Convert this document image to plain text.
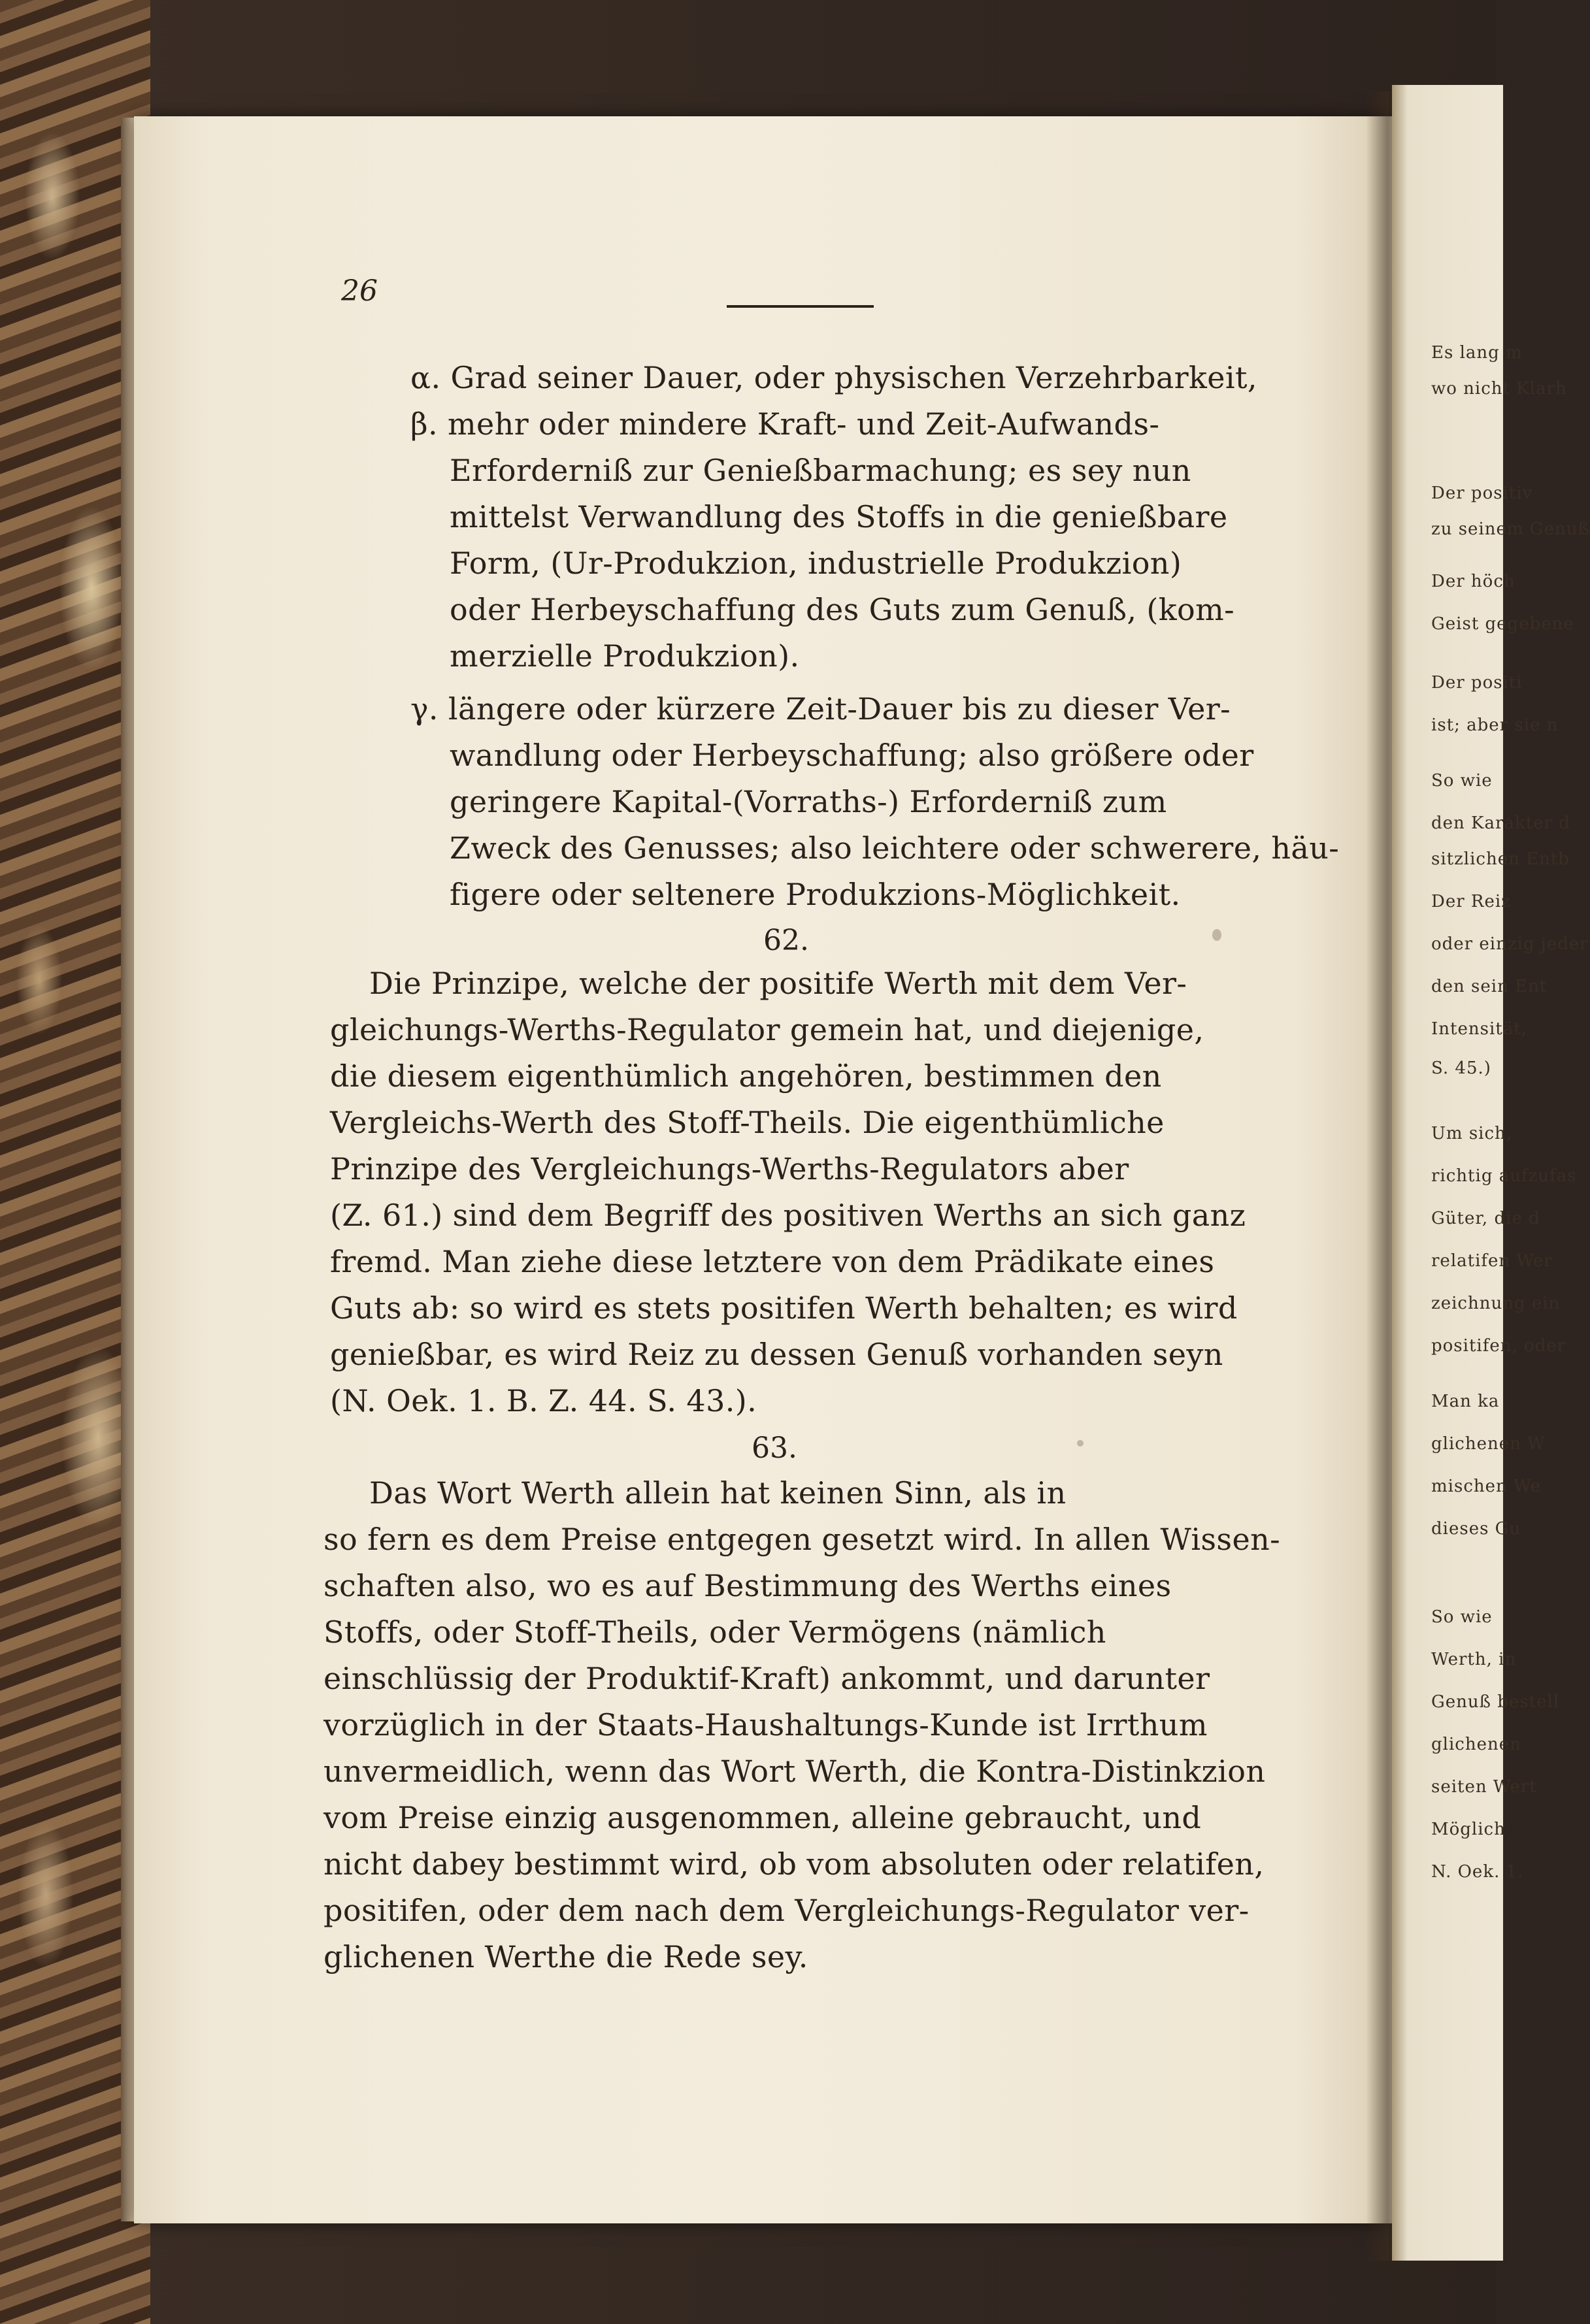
Es lang m
wo nicht Klarh
Der positiv
zu seinem Genuß
Der höch
Geist gegebene
Der positi
ist; aber sie n
So wie
den Karakter d
sitzlichen Entb
Der Reiz
oder einzig jeder
den sein Ent
Intensität,
S. 45.)
Um sich,
richtig aufzufas
Güter, die d
relatifen Wer
zeichnung ein
positifen, oder
Man ka
glichenen W
mischen We
dieses Gu
So wie
Werth, in
Genuß bestell
glichenen
seiten Wert
Möglich
N. Oek. 1.
26
α. Grad seiner Dauer, oder physischen Verzehrbarkeit,
β. mehr oder mindere Kraft- und Zeit-Aufwands-
Erforderniß zur Genießbarmachung; es sey nun
mittelst Verwandlung des Stoffs in die genießbare
Form, (Ur-Produkzion, industrielle Produkzion)
oder Herbeyschaffung des Guts zum Genuß, (kom-
merzielle Produkzion).
γ. längere oder kürzere Zeit-Dauer bis zu dieser Ver-
wandlung oder Herbeyschaffung; also größere oder
geringere Kapital-(Vorraths-) Erforderniß zum
Zweck des Genusses; also leichtere oder schwerere, häu-
figere oder seltenere Produkzions-Möglichkeit.
62.
Die Prinzipe, welche der positife Werth mit dem Ver-
gleichungs-Werths-Regulator gemein hat, und diejenige,
die diesem eigenthümlich angehören, bestimmen den
Vergleichs-Werth des Stoff-Theils. Die eigenthümliche
Prinzipe des Vergleichungs-Werths-Regulators aber
(Z. 61.) sind dem Begriff des positiven Werths an sich ganz
fremd. Man ziehe diese letztere von dem Prädikate eines
Guts ab: so wird es stets positifen Werth behalten; es wird
genießbar, es wird Reiz zu dessen Genuß vorhanden seyn
(N. Oek. 1. B. Z. 44. S. 43.).
63.
Das Wort Werth allein hat keinen Sinn, als in
so fern es dem Preise entgegen gesetzt wird. In allen Wissen-
schaften also, wo es auf Bestimmung des Werths eines
Stoffs, oder Stoff-Theils, oder Vermögens (nämlich
einschlüssig der Produktif-Kraft) ankommt, und darunter
vorzüglich in der Staats-Haushaltungs-Kunde ist Irrthum
unvermeidlich, wenn das Wort Werth, die Kontra-Distinkzion
vom Preise einzig ausgenommen, alleine gebraucht, und
nicht dabey bestimmt wird, ob vom absoluten oder relatifen,
positifen, oder dem nach dem Vergleichungs-Regulator ver-
glichenen Werthe die Rede sey.
